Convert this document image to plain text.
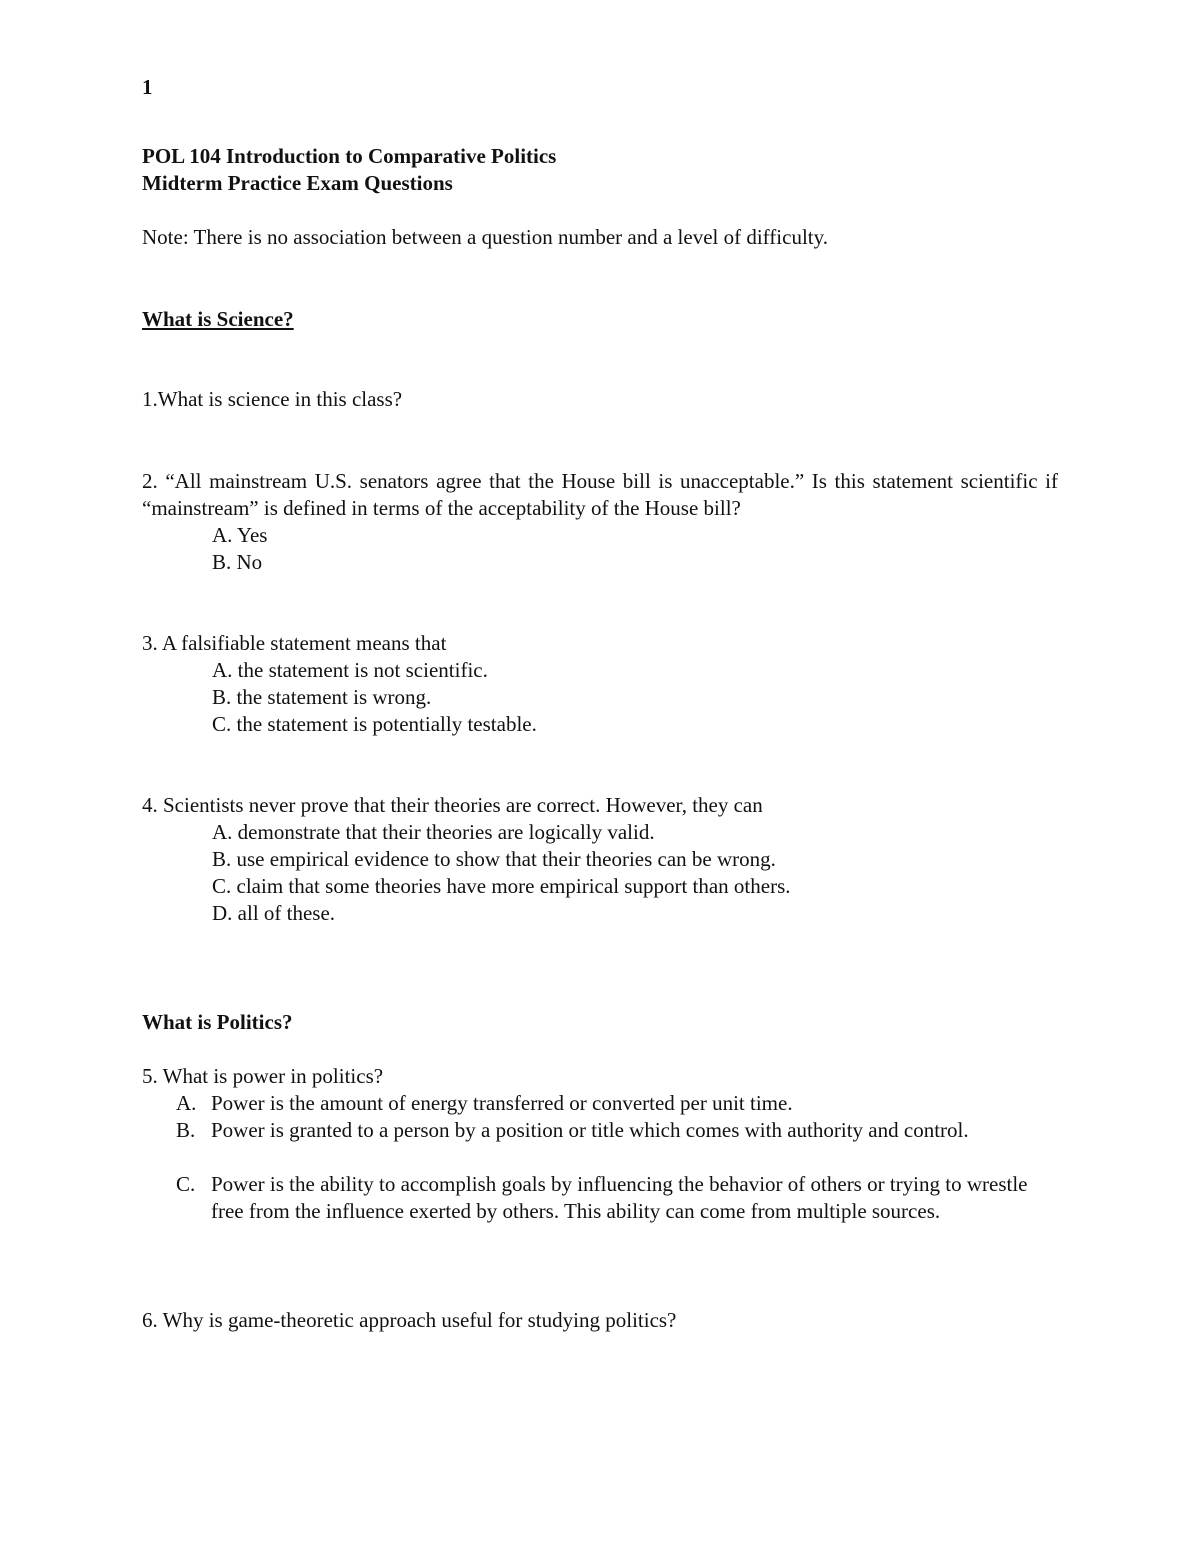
1
POL 104 Introduction to Comparative Politics
Midterm Practice Exam Questions
Note: There is no association between a question number and a level of difficulty.
What is Science?
1.What is science in this class?
2. “All mainstream U.S. senators agree that the House bill is unacceptable.” Is this statement scientific if “mainstream” is defined in terms of the acceptability of the House bill?
A. Yes
B. No
3. A falsifiable statement means that
A. the statement is not scientific.
B. the statement is wrong.
C. the statement is potentially testable.
4. Scientists never prove that their theories are correct. However, they can
A. demonstrate that their theories are logically valid.
B. use empirical evidence to show that their theories can be wrong.
C. claim that some theories have more empirical support than others.
D. all of these.
What is Politics?
5. What is power in politics?
A. Power is the amount of energy transferred or converted per unit time.
B. Power is granted to a person by a position or title which comes with authority and control.
C. Power is the ability to accomplish goals by influencing the behavior of others or trying to wrestle free from the influence exerted by others. This ability can come from multiple sources.
6. Why is game-theoretic approach useful for studying politics?
